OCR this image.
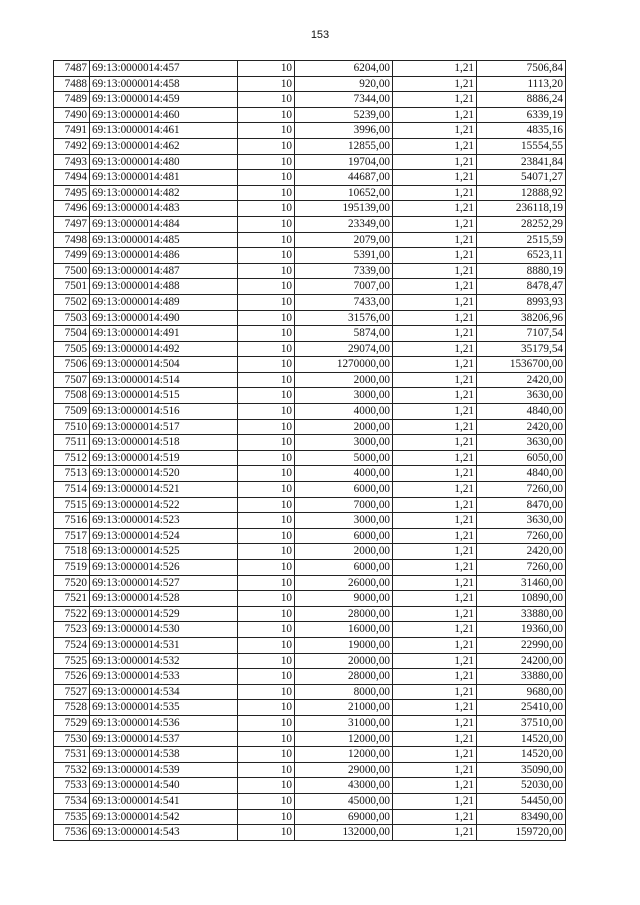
153
7487	69:13:0000014:457	10	6204,00	1,21	7506,84
7488	69:13:0000014:458	10	920,00	1,21	1113,20
7489	69:13:0000014:459	10	7344,00	1,21	8886,24
7490	69:13:0000014:460	10	5239,00	1,21	6339,19
7491	69:13:0000014:461	10	3996,00	1,21	4835,16
7492	69:13:0000014:462	10	12855,00	1,21	15554,55
7493	69:13:0000014:480	10	19704,00	1,21	23841,84
7494	69:13:0000014:481	10	44687,00	1,21	54071,27
7495	69:13:0000014:482	10	10652,00	1,21	12888,92
7496	69:13:0000014:483	10	195139,00	1,21	236118,19
7497	69:13:0000014:484	10	23349,00	1,21	28252,29
7498	69:13:0000014:485	10	2079,00	1,21	2515,59
7499	69:13:0000014:486	10	5391,00	1,21	6523,11
7500	69:13:0000014:487	10	7339,00	1,21	8880,19
7501	69:13:0000014:488	10	7007,00	1,21	8478,47
7502	69:13:0000014:489	10	7433,00	1,21	8993,93
7503	69:13:0000014:490	10	31576,00	1,21	38206,96
7504	69:13:0000014:491	10	5874,00	1,21	7107,54
7505	69:13:0000014:492	10	29074,00	1,21	35179,54
7506	69:13:0000014:504	10	1270000,00	1,21	1536700,00
7507	69:13:0000014:514	10	2000,00	1,21	2420,00
7508	69:13:0000014:515	10	3000,00	1,21	3630,00
7509	69:13:0000014:516	10	4000,00	1,21	4840,00
7510	69:13:0000014:517	10	2000,00	1,21	2420,00
7511	69:13:0000014:518	10	3000,00	1,21	3630,00
7512	69:13:0000014:519	10	5000,00	1,21	6050,00
7513	69:13:0000014:520	10	4000,00	1,21	4840,00
7514	69:13:0000014:521	10	6000,00	1,21	7260,00
7515	69:13:0000014:522	10	7000,00	1,21	8470,00
7516	69:13:0000014:523	10	3000,00	1,21	3630,00
7517	69:13:0000014:524	10	6000,00	1,21	7260,00
7518	69:13:0000014:525	10	2000,00	1,21	2420,00
7519	69:13:0000014:526	10	6000,00	1,21	7260,00
7520	69:13:0000014:527	10	26000,00	1,21	31460,00
7521	69:13:0000014:528	10	9000,00	1,21	10890,00
7522	69:13:0000014:529	10	28000,00	1,21	33880,00
7523	69:13:0000014:530	10	16000,00	1,21	19360,00
7524	69:13:0000014:531	10	19000,00	1,21	22990,00
7525	69:13:0000014:532	10	20000,00	1,21	24200,00
7526	69:13:0000014:533	10	28000,00	1,21	33880,00
7527	69:13:0000014:534	10	8000,00	1,21	9680,00
7528	69:13:0000014:535	10	21000,00	1,21	25410,00
7529	69:13:0000014:536	10	31000,00	1,21	37510,00
7530	69:13:0000014:537	10	12000,00	1,21	14520,00
7531	69:13:0000014:538	10	12000,00	1,21	14520,00
7532	69:13:0000014:539	10	29000,00	1,21	35090,00
7533	69:13:0000014:540	10	43000,00	1,21	52030,00
7534	69:13:0000014:541	10	45000,00	1,21	54450,00
7535	69:13:0000014:542	10	69000,00	1,21	83490,00
7536	69:13:0000014:543	10	132000,00	1,21	159720,00
